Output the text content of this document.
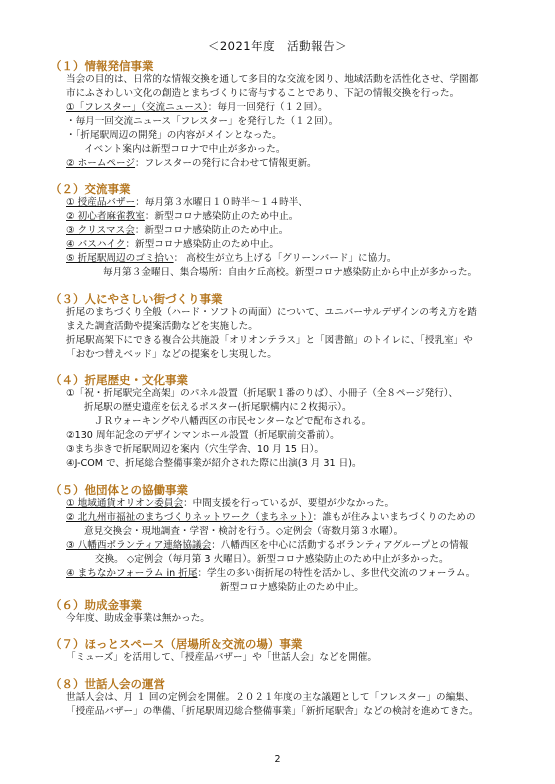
＜2021年度　活動報告＞
（１）情報発信事業
当会の目的は、日常的な情報交換を通して多目的な交流を図り、地域活動を活性化させ、学園都
市にふさわしい文化の創造とまちづくりに寄与することであり、下記の情報交換を行った。
①「フレスター」（交流ニュース）：毎月一回発行（１２回）。
・毎月一回交流ニュース「フレスター」を発行した（１２回）。
・「折尾駅周辺の開発」の内容がメインとなった。
イベント案内は新型コロナで中止が多かった。
② ホームページ：フレスターの発行に合わせて情報更新。
（２）交流事業
① 授産品バザー：毎月第３水曜日１０時半～１４時半、
② 初心者麻雀教室：新型コロナ感染防止のため中止。
③ クリスマス会：新型コロナ感染防止のため中止。
④ バスハイク：新型コロナ感染防止のため中止。
⑤ 折尾駅周辺のゴミ拾い： 高校生が立ち上げる「グリーンバード」に協力。
毎月第３金曜日、集合場所：自由ケ丘高校。新型コロナ感染防止から中止が多かった。
（３）人にやさしい街づくり事業
折尾のまちづくり全般（ハード・ソフトの両面）について、ユニバーサルデザインの考え方を踏
まえた調査活動や提案活動などを実施した。
折尾駅高架下にできる複合公共施設「オリオンテラス」と「図書館」のトイレに、「授乳室」や
「おむつ替えベッド」などの提案をし実現した。
（４）折尾歴史・文化事業
①「祝・折尾駅完全高架」のパネル設置（折尾駅１番のりば）、小冊子（全８ページ発行）、
折尾駅の歴史遺産を伝えるポスター(折尾駅構内に２枚掲示）。
ＪＲウォーキングや八幡西区の市民センターなどで配布される。
②130 周年記念のデザインマンホール設置（折尾駅前交番前）。
③まち歩きで折尾駅周辺を案内（穴生学舎、10 月 15 日）。
④J-COM で、折尾総合整備事業が紹介された際に出演(3 月 31 日)。
（５）他団体との協働事業
① 地域通貨オリオン委員会：中間支援を行っているが、要望が少なかった。
② 北九州市福祉のまちづくりネットワーク（まちネット）：誰もが住みよいまちづくりのための
意見交換会・現地調査・学習・検討を行う。◇定例会（寄数月第３水曜）。
③ 八幡西ボランティア連絡協議会：八幡西区を中心に活動するボランティアグループとの情報
交換。 ◇定例会（毎月第 3 火曜日）。新型コロナ感染防止のため中止が多かった。
④ まちなかフォーラム in 折尾：学生の多い街折尾の特性を活かし、多世代交流のフォーラム。
新型コロナ感染防止のため中止。
（６）助成金事業
今年度、助成金事業は無かった。
（７）ほっとスペース（居場所＆交流の場）事業
「ミューズ」を活用して、「授産品バザー」や「世話人会」などを開催。
（８）世話人会の運営
世話人会は、月 １ 回の定例会を開催。２０２１年度の主な議題として「フレスター」の編集、
「授産品バザー」の準備、「折尾駅周辺総合整備事業」「新折尾駅舎」などの検討を進めてきた。
2
